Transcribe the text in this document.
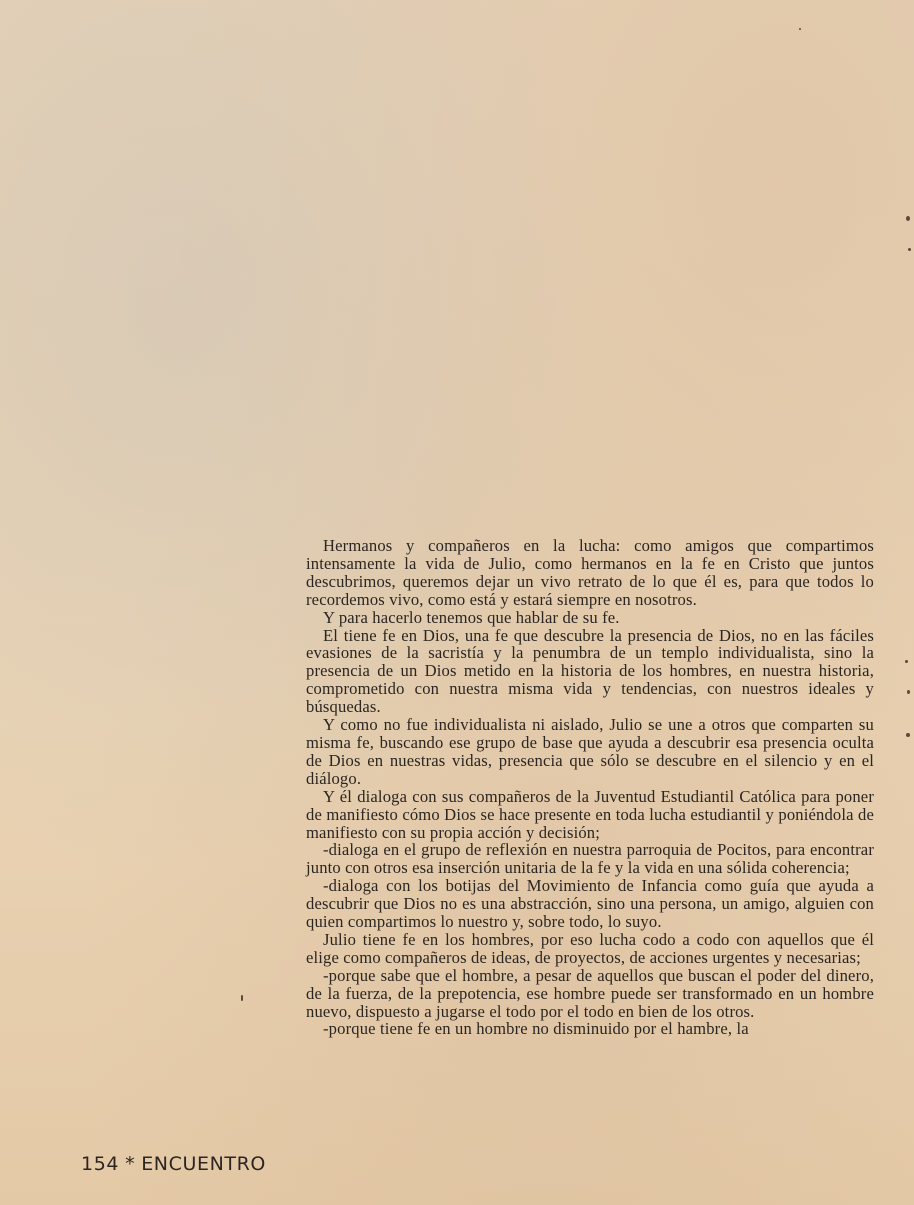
Hermanos y compañeros en la lucha: como amigos que compartimos intensamente la vida de Julio, como hermanos en la fe en Cristo que juntos descubrimos, queremos dejar un vivo retrato de lo que él es, para que todos lo recordemos vivo, como está y estará siempre en nosotros.

Y para hacerlo tenemos que hablar de su fe.

El tiene fe en Dios, una fe que descubre la presencia de Dios, no en las fáciles evasiones de la sacristía y la penumbra de un templo individualista, sino la presencia de un Dios metido en la historia de los hombres, en nuestra historia, comprometido con nuestra misma vida y tendencias, con nuestros ideales y búsquedas.

Y como no fue individualista ni aislado, Julio se une a otros que comparten su misma fe, buscando ese grupo de base que ayuda a descubrir esa presencia oculta de Dios en nuestras vidas, presencia que sólo se descubre en el silencio y en el diálogo.

Y él dialoga con sus compañeros de la Juventud Estudiantil Católica para poner de manifiesto cómo Dios se hace presente en toda lucha estudiantil y poniéndola de manifiesto con su propia acción y decisión;

-dialoga en el grupo de reflexión en nuestra parroquia de Pocitos, para encontrar junto con otros esa inserción unitaria de la fe y la vida en una sólida coherencia;

-dialoga con los botijas del Movimiento de Infancia como guía que ayuda a descubrir que Dios no es una abstracción, sino una persona, un amigo, alguien con quien compartimos lo nuestro y, sobre todo, lo suyo.

Julio tiene fe en los hombres, por eso lucha codo a codo con aquellos que él elige como compañeros de ideas, de proyectos, de acciones urgentes y necesarias;

-porque sabe que el hombre, a pesar de aquellos que buscan el poder del dinero, de la fuerza, de la prepotencia, ese hombre puede ser transformado en un hombre nuevo, dispuesto a jugarse el todo por el todo en bien de los otros.

-porque tiene fe en un hombre no disminuido por el hambre, la

154 * ENCUENTRO
